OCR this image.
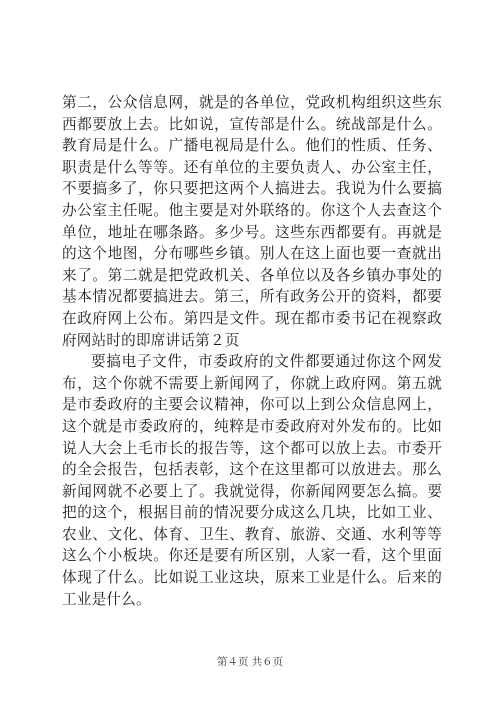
第二，公众信息网，就是的各单位，党政机构组织这些东西都要放上去。比如说，宣传部是什么。统战部是什么。教育局是什么。广播电视局是什么。他们的性质、任务、职责是什么等等。还有单位的主要负责人、办公室主任，不要搞多了，你只要把这两个人搞进去。我说为什么要搞办公室主任呢。他主要是对外联络的。你这个人去查这个单位，地址在哪条路。多少号。这些东西都要有。再就是的这个地图，分布哪些乡镇。别人在这上面也要一查就出来了。第二就是把党政机关、各单位以及各乡镇办事处的基本情况都要搞进去。第三，所有政务公开的资料，都要在政府网上公布。第四是文件。现在都市委书记在视察政府网站时的即席讲话第２页

要搞电子文件，市委政府的文件都要通过你这个网发布，这个你就不需要上新闻网了，你就上政府网。第五就是市委政府的主要会议精神，你可以上到公众信息网上，这个就是市委政府的，纯粹是市委政府对外发布的。比如说人大会上毛市长的报告等，这个都可以放上去。市委开的全会报告，包括表彰，这个在这里都可以放进去。那么新闻网就不必要上了。我就觉得，你新闻网要怎么搞。要把的这个，根据目前的情况要分成这么几块，比如工业、农业、文化、体育、卫生、教育、旅游、交通、水利等等这么个小板块。你还是要有所区别，人家一看，这个里面体现了什么。比如说工业这块，原来工业是什么。后来的工业是什么。

第４页 共６页
